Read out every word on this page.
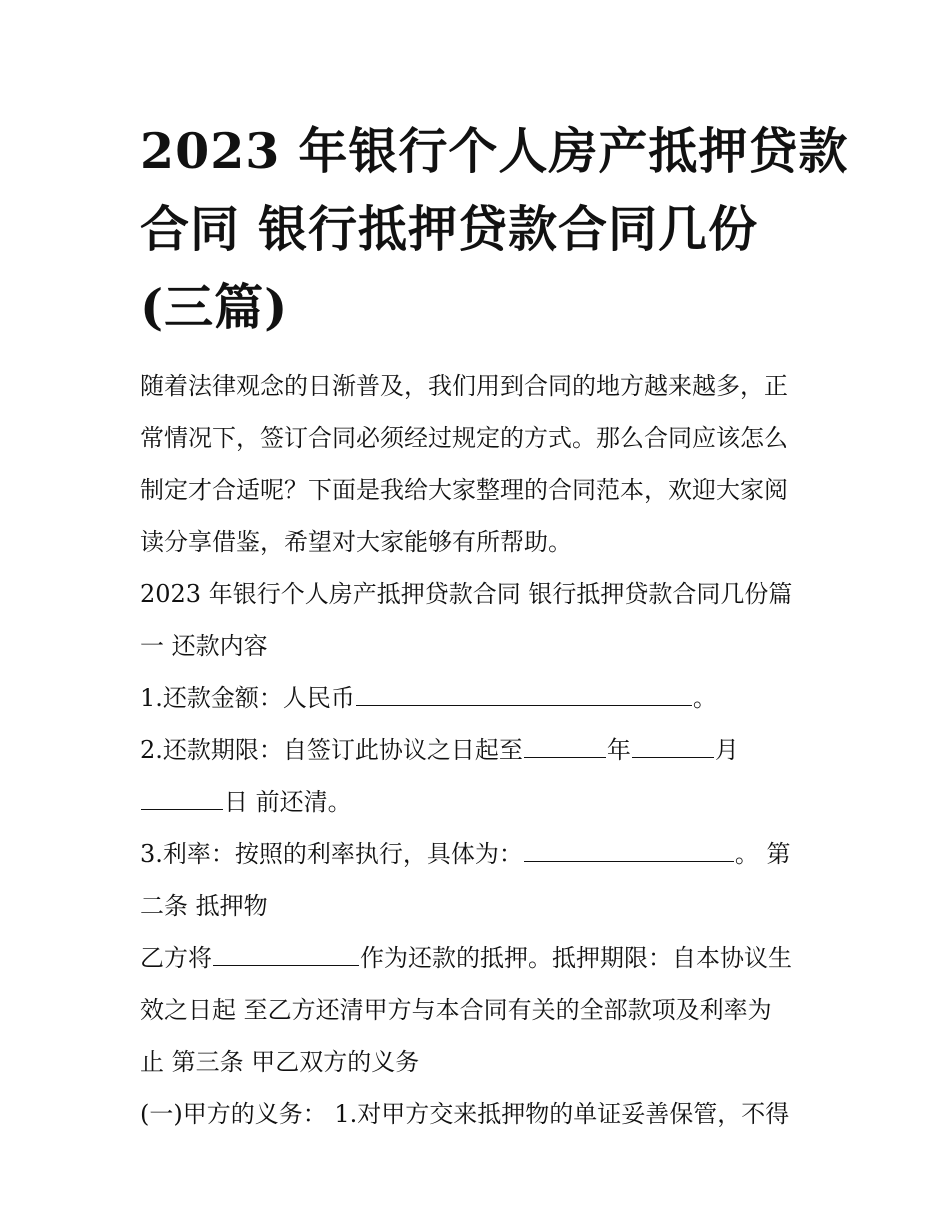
2023 年银行个人房产抵押贷款
合同 银行抵押贷款合同几份
(三篇)

随着法律观念的日渐普及，我们用到合同的地方越来越多，正
常情况下，签订合同必须经过规定的方式。那么合同应该怎么
制定才合适呢？下面是我给大家整理的合同范本，欢迎大家阅
读分享借鉴，希望对大家能够有所帮助。

2023 年银行个人房产抵押贷款合同 银行抵押贷款合同几份篇
一 还款内容

1.还款金额：人民币	。

2.还款期限：自签订此协议之日起至	年	月
日 前还清。

3.利率：按照的利率执行，具体为：	。 第
二条 抵押物

乙方将	作为还款的抵押。抵押期限：自本协议生
效之日起 至乙方还清甲方与本合同有关的全部款项及利率为
止 第三条 甲乙双方的义务

(一)甲方的义务： 1.对甲方交来抵押物的单证妥善保管，不得
